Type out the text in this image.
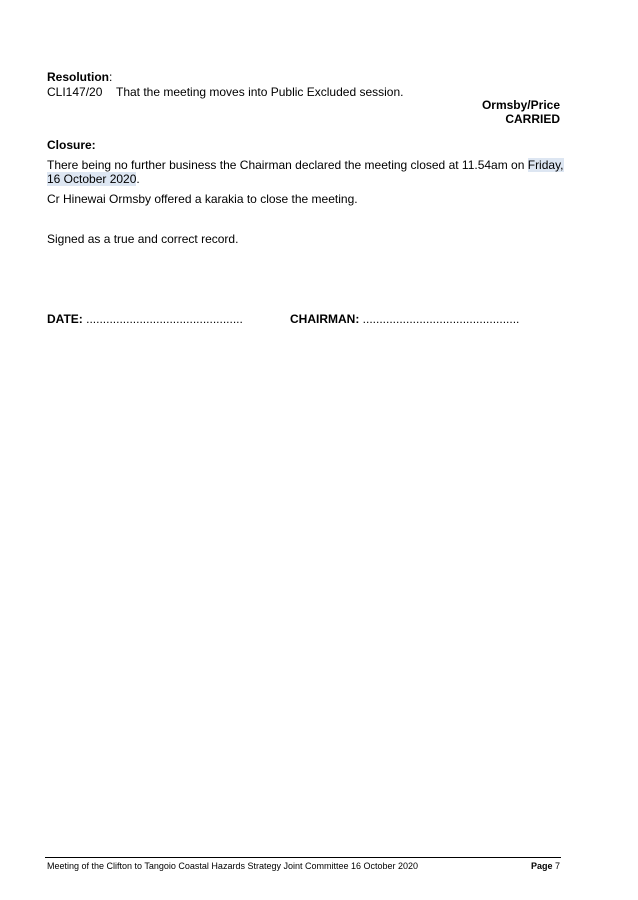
Resolution:
CLI147/20 That the meeting moves into Public Excluded session.
Ormsby/Price
CARRIED
Closure:
There being no further business the Chairman declared the meeting closed at 11.54am on Friday,
16 October 2020.
Cr Hinewai Ormsby offered a karakia to close the meeting.
Signed as a true and correct record.
DATE: ...............................................	CHAIRMAN: ...............................................
Meeting of the Clifton to Tangoio Coastal Hazards Strategy Joint Committee 16 October 2020	Page 7
